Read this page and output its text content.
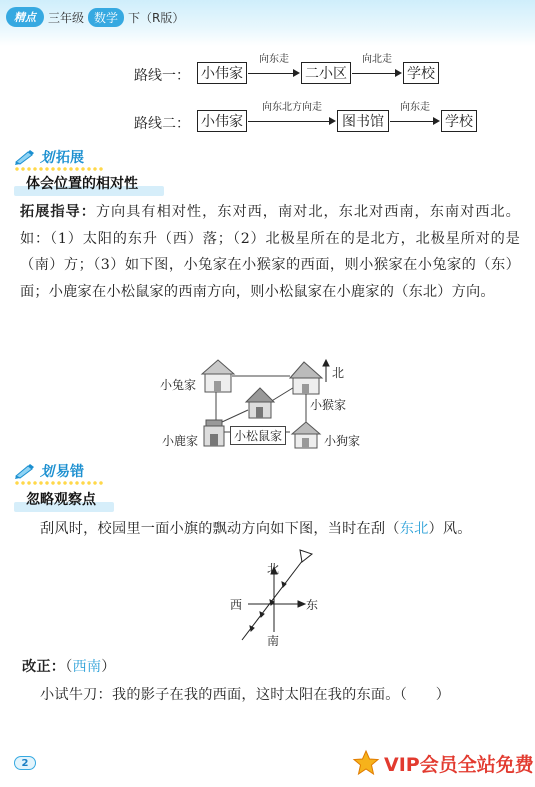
精点	三年级 数学 下（R版）
路线一： 小伟家
向东走
二小区
向北走
学校
路线二： 小伟家
向东北方向走
图书馆
向东走
学校
划 拓展
体会位置的相对性
拓展指导：方向具有相对性，东对西，南对北，东北对西南，东南对西北。如：（1）太阳的东升（西）落；（2）北极星所在的是北方，北极星所对的是（南）方；（3）如下图，小兔家在小猴家的西面，则小猴家在小兔家的（东）面；小鹿家在小松鼠家的西南方向，则小松鼠家在小鹿家的（东北）方向。
小兔家
北
小猴家
小鹿家	小松鼠家	小狗家
划 易错
忽略观察点
刮风时，校园里一面小旗的飘动方向如下图，当时在刮（东北）风。
北
西	东
南
改正：（西南）
小试牛刀：我的影子在我的西面，这时太阳在我的东面。（　　）
2	VIP会员全站免费
